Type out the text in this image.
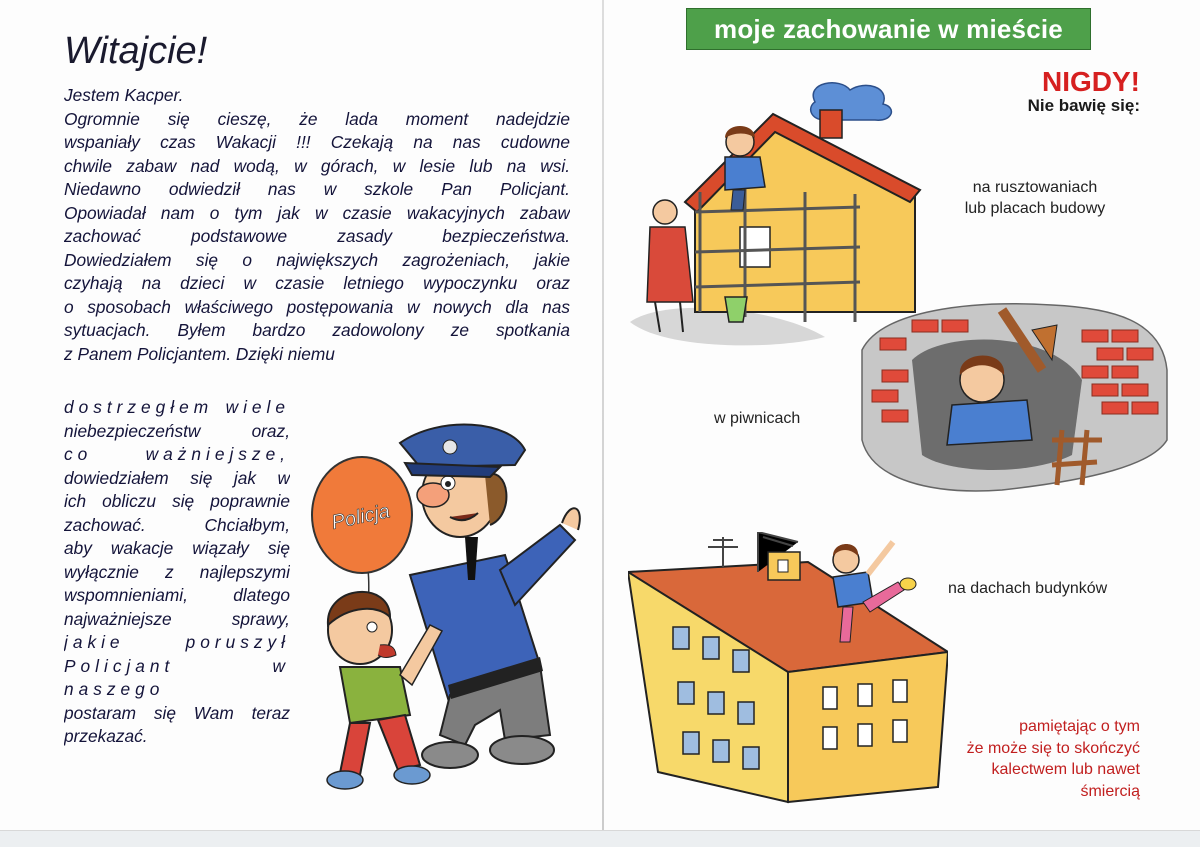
Witajcie!
Jestem Kacper.
Ogromnie się cieszę, że lada moment nadejdzie
wspaniały czas Wakacji !!! Czekają na nas cudowne
chwile zabaw nad wodą, w górach, w lesie lub na wsi.
Niedawno odwiedził nas w szkole Pan Policjant.
Opowiadał nam o tym jak w czasie wakacyjnych zabaw
zachować podstawowe zasady bezpieczeństwa.
Dowiedziałem się o największych zagrożeniach, jakie
czyhają na dzieci w czasie letniego wypoczynku oraz
o sposobach właściwego postępowania w nowych dla nas
sytuacjach. Byłem bardzo zadowolony ze spotkania
z Panem Policjantem. Dzięki niemu
dostrzegłem wiele
niebezpieczeństw oraz,
co ważniejsze,
dowiedziałem się jak w
ich obliczu się poprawnie
zachować. Chciałbym,
aby wakacje wiązały się
wyłącznie z najlepszymi
wspomnieniami, dlatego
najważniejsze sprawy,
jakie poruszył
Policjant w
naszego
postaram się Wam teraz
przekazać.
Policja
moje zachowanie w mieście
NIGDY!
Nie bawię się:
na rusztowaniach
lub placach budowy
w piwnicach
na dachach budynków
pamiętając o tym
że może się to skończyć
kalectwem lub nawet
śmiercią
